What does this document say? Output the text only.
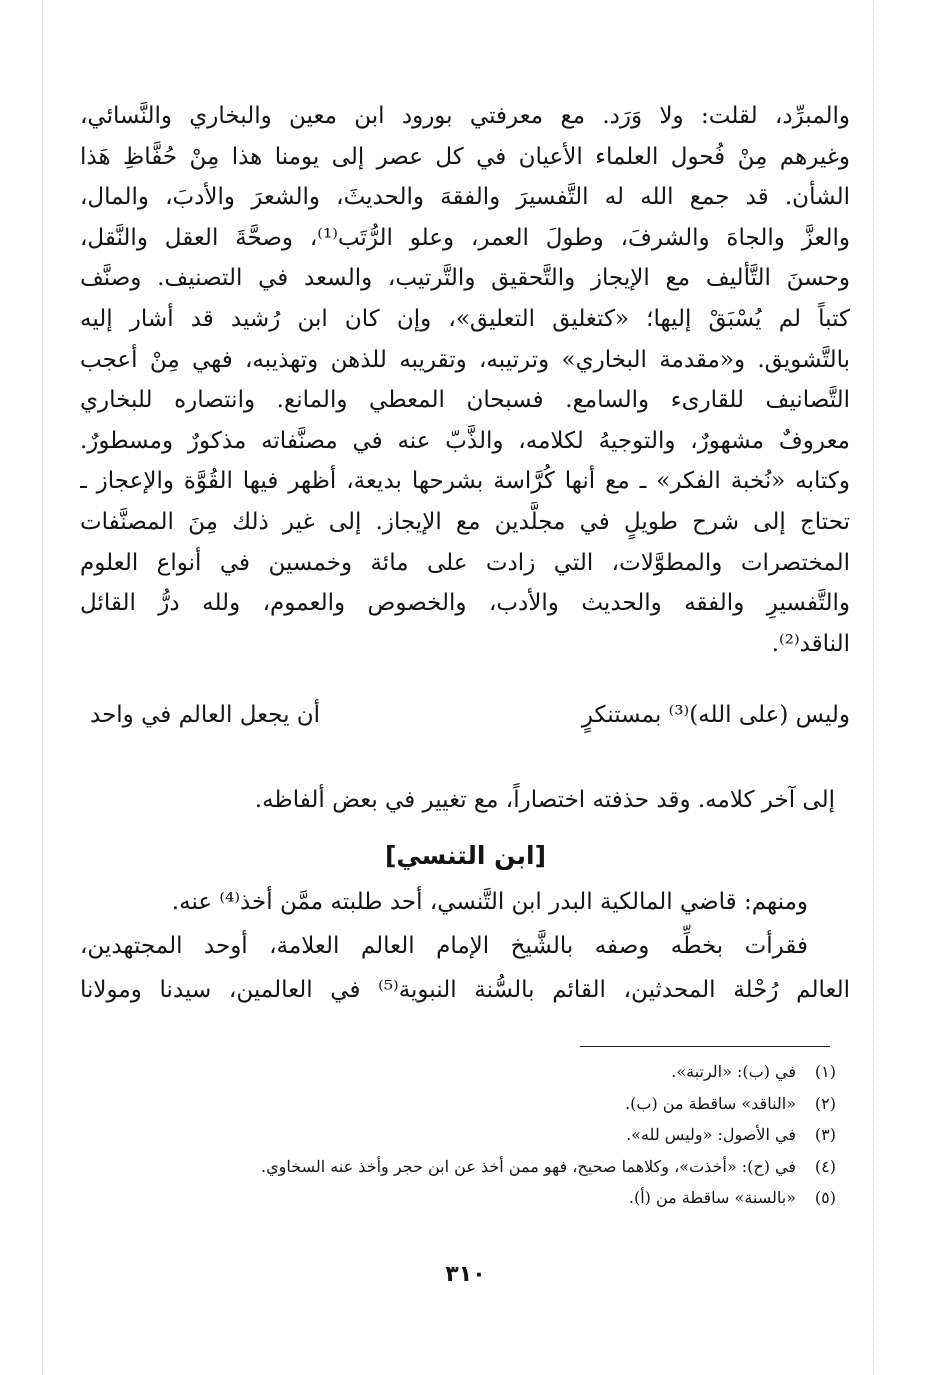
والمبرِّد، لقلت: ولا وَرَد. مع معرفتي بورود ابن معين والبخاري والنَّسائي،
وغيرهم مِنْ فُحول العلماء الأعيان في كل عصر إلى يومنا هذا مِنْ حُفَّاظِ هَذا
الشأن. قد جمع الله له التَّفسيرَ والفقهَ والحديثَ، والشعرَ والأدبَ، والمال،
والعزَّ والجاهَ والشرفَ، وطولَ العمر، وعلو الرُّتَب⁽¹⁾، وصحَّةَ العقل والنَّقل،
وحسنَ التَّأليف مع الإيجاز والتَّحقيق والتَّرتيب، والسعد في التصنيف. وصنَّف
كتباً لم يُسْبَقْ إليها؛ «كتغليق التعليق»، وإن كان ابن رُشيد قد أشار إليه
بالتَّشويق. و«مقدمة البخاري» وترتيبه، وتقريبه للذهن وتهذيبه، فهي مِنْ أعجب
التَّصانيف للقارىء والسامع. فسبحان المعطي والمانع. وانتصاره للبخاري
معروفٌ مشهورٌ، والتوجيهُ لكلامه، والذَّبّ عنه في مصنَّفاته مذكورٌ ومسطورٌ.
وكتابه «نُخبة الفكر» ـ مع أنها كُرَّاسة بشرحها بديعة، أظهر فيها القُوَّة والإعجاز ـ
تحتاج إلى شرح طويلٍ في مجلَّدين مع الإيجاز. إلى غير ذلك مِنَ المصنَّفات
المختصرات والمطوَّلات، التي زادت على مائة وخمسين في أنواع العلوم
والتَّفسيرِ والفقه والحديث والأدب، والخصوص والعموم، ولله درُّ القائل
الناقد⁽²⁾.
وليس (على الله)⁽³⁾ بمستنكرٍ
أن يجعل العالم في واحد
إلى آخر كلامه. وقد حذفته اختصاراً، مع تغيير في بعض ألفاظه.
[ابن التنسي]
ومنهم: قاضي المالكية البدر ابن التَّنسي، أحد طلبته ممَّن أخذ⁽⁴⁾ عنه.
فقرأت بخطِّه وصفه بالشَّيخ الإمام العالم العلامة، أوحد المجتهدين،
العالم رُحْلة المحدثين، القائم بالسُّنة النبوية⁽⁵⁾ في العالمين، سيدنا ومولانا
(١)في (ب): «الرتبة».
(٢)«الناقد» ساقطة من (ب).
(٣)في الأصول: «وليس لله».
(٤)في (ح): «أخذت»، وكلاهما صحيح، فهو ممن أخذ عن ابن حجر وأخذ عنه السخاوي.
(٥)«بالسنة» ساقطة من (أ).
٣١٠
